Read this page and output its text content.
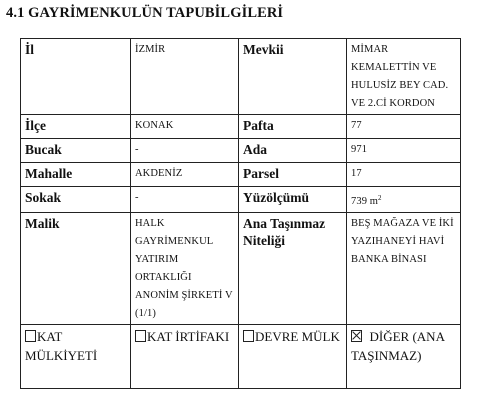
4.1 GAYRİMENKULÜN TAPUBİLGİLERİ
İl	İZMİR	Mevkii	MİMAR KEMALETTİN VE HULUSİZ BEY CAD. VE 2.Cİ KORDON
İlçe	KONAK	Pafta	77
Bucak	-	Ada	971
Mahalle	AKDENİZ	Parsel	17
Sokak	-	Yüzölçümü	739 $m^2$
Malik	HALK GAYRİMENKUL YATIRIM ORTAKLIĞI ANONİM ŞİRKETİ V (1/1)	Ana Taşınmaz Niteliği	BEŞ MAĞAZA VE İKİ YAZIHANEYİ HAVİ BANKA BİNASI
KAT MÜLKİYETİ	KAT İRTİFAKI	DEVRE MÜLK	DİĞER (ANA TAŞINMAZ)
